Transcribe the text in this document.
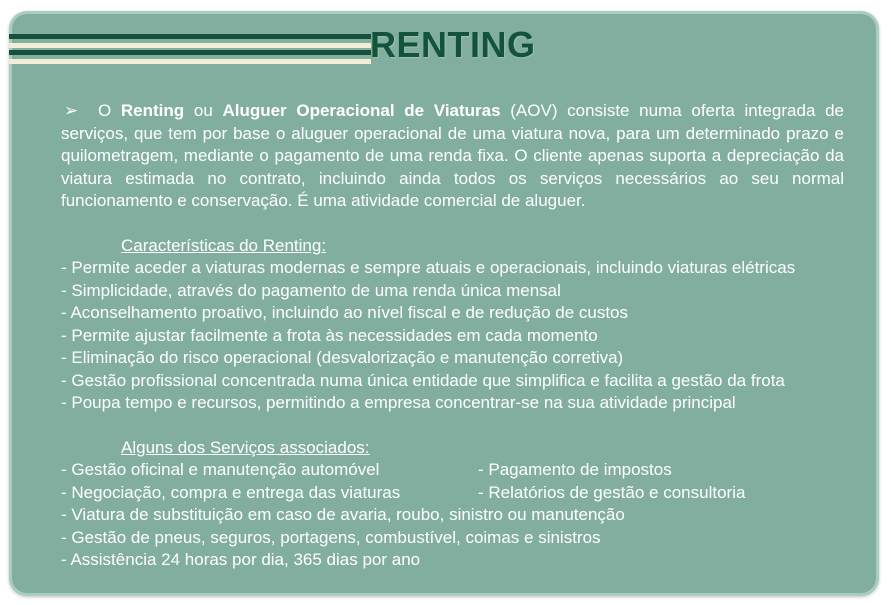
RENTING

➢ O Renting ou Aluguer Operacional de Viaturas (AOV) consiste numa oferta integrada de serviços, que tem por base o aluguer operacional de uma viatura nova, para um determinado prazo e quilometragem, mediante o pagamento de uma renda fixa. O cliente apenas suporta a depreciação da viatura estimada no contrato, incluindo ainda todos os serviços necessários ao seu normal funcionamento e conservação. É uma atividade comercial de aluguer.

Características do Renting:
- Permite aceder a viaturas modernas e sempre atuais e operacionais, incluindo viaturas elétricas
- Simplicidade, através do pagamento de uma renda única mensal
- Aconselhamento proativo, incluindo ao nível fiscal e de redução de custos
- Permite ajustar facilmente a frota às necessidades em cada momento
- Eliminação do risco operacional (desvalorização e manutenção corretiva)
- Gestão profissional concentrada numa única entidade que simplifica e facilita a gestão da frota
- Poupa tempo e recursos, permitindo a empresa concentrar-se na sua atividade principal
Alguns dos Serviços associados:
- Gestão oficinal e manutenção automóvel	- Pagamento de impostos
- Negociação, compra e entrega das viaturas	- Relatórios de gestão e consultoria
- Viatura de substituição em caso de avaria, roubo, sinistro ou manutenção
- Gestão de pneus, seguros, portagens, combustível, coimas e sinistros
- Assistência 24 horas por dia, 365 dias por ano
